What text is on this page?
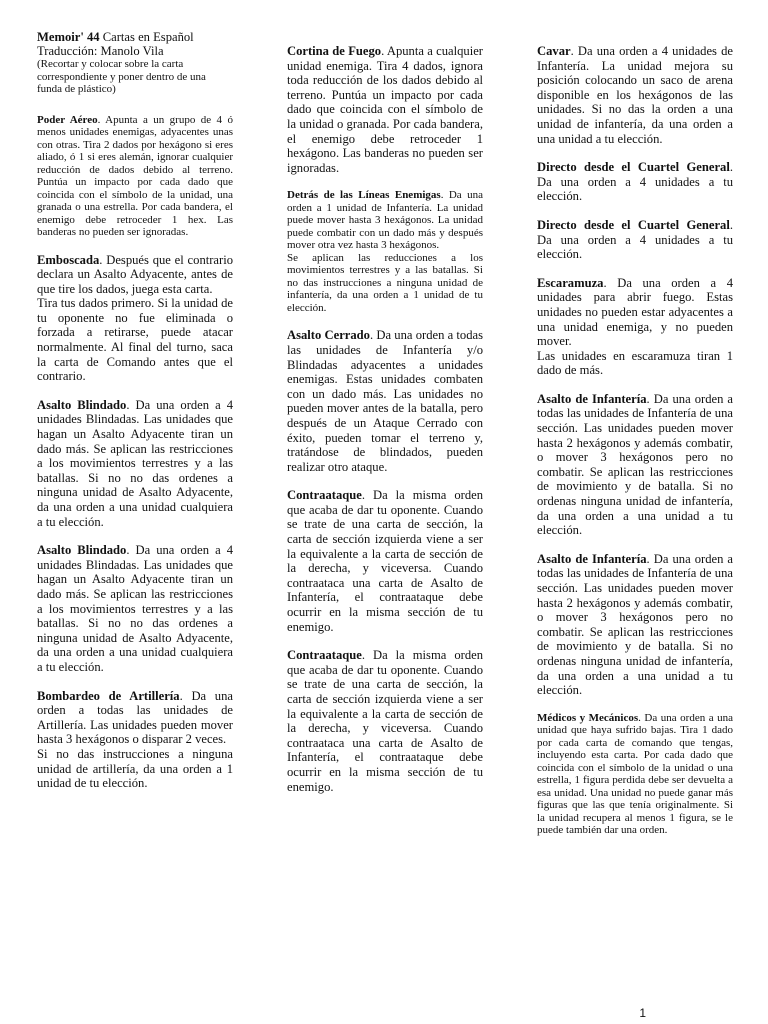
Memoir' 44 Cartas en Español
Traducción: Manolo Vila
(Recortar y colocar sobre la carta correspondiente y poner dentro de una funda de plástico)

Poder Aéreo. Apunta a un grupo de 4 ó menos unidades enemigas, adyacentes unas con otras. Tira 2 dados por hexágono si eres aliado, ó 1 si eres alemán, ignorar cualquier reducción de dados debido al terreno. Puntúa un impacto por cada dado que coincida con el símbolo de la unidad, una granada o una estrella. Por cada bandera, el enemigo debe retroceder 1 hex. Las banderas no pueden ser ignoradas.

Emboscada. Después que el contrario declara un Asalto Adyacente, antes de que tire los dados, juega esta carta.

Tira tus dados primero. Si la unidad de tu oponente no fue eliminada o forzada a retirarse, puede atacar normalmente. Al final del turno, saca la carta de Comando antes que el contrario.

Asalto Blindado. Da una orden a 4 unidades Blindadas. Las unidades que hagan un Asalto Adyacente tiran un dado más. Se aplican las restricciones a los movimientos terrestres y a las batallas. Si no no das ordenes a ninguna unidad de Asalto Adyacente, da una orden a una unidad cualquiera a tu elección.

Asalto Blindado. Da una orden a 4 unidades Blindadas. Las unidades que hagan un Asalto Adyacente tiran un dado más. Se aplican las restricciones a los movimientos terrestres y a las batallas. Si no no das ordenes a ninguna unidad de Asalto Adyacente, da una orden a una unidad cualquiera a tu elección.

Bombardeo de Artillería. Da una orden a todas las unidades de Artillería. Las unidades pueden mover hasta 3 hexágonos o disparar 2 veces.

Si no das instrucciones a ninguna unidad de artillería, da una orden a 1 unidad de tu elección.

Cortina de Fuego. Apunta a cualquier unidad enemiga. Tira 4 dados, ignora toda reducción de los dados debido al terreno. Puntúa un impacto por cada dado que coincida con el símbolo de la unidad o granada. Por cada bandera, el enemigo debe retroceder 1 hexágono. Las banderas no pueden ser ignoradas.

Detrás de las Líneas Enemigas. Da una orden a 1 unidad de Infantería. La unidad puede mover hasta 3 hexágonos. La unidad puede combatir con un dado más y después mover otra vez hasta 3 hexágonos.

Se aplican las reducciones a los movimientos terrestres y a las batallas. Si no das instrucciones a ninguna unidad de infantería, da una orden a 1 unidad de tu elección.

Asalto Cerrado. Da una orden a todas las unidades de Infantería y/o Blindadas adyacentes a unidades enemigas. Estas unidades combaten con un dado más. Las unidades no pueden mover antes de la batalla, pero después de un Ataque Cerrado con éxito, pueden tomar el terreno y, tratándose de blindados, pueden realizar otro ataque.

Contraataque. Da la misma orden que acaba de dar tu oponente. Cuando se trate de una carta de sección, la carta de sección izquierda viene a ser la equivalente a la carta de sección de la derecha, y viceversa. Cuando contraataca una carta de Asalto de Infantería, el contraataque debe ocurrir en la misma sección de tu enemigo.

Contraataque. Da la misma orden que acaba de dar tu oponente. Cuando se trate de una carta de sección, la carta de sección izquierda viene a ser la equivalente a la carta de sección de la derecha, y viceversa. Cuando contraataca una carta de Asalto de Infantería, el contraataque debe ocurrir en la misma sección de tu enemigo.

Cavar. Da una orden a 4 unidades de Infantería. La unidad mejora su posición colocando un saco de arena disponible en los hexágonos de las unidades. Si no das la orden a una unidad de infantería, da una orden a una unidad a tu elección.

Directo desde el Cuartel General. Da una orden a 4 unidades a tu elección.

Directo desde el Cuartel General. Da una orden a 4 unidades a tu elección.

Escaramuza. Da una orden a 4 unidades para abrir fuego. Estas unidades no pueden estar adyacentes a una unidad enemiga, y no pueden mover.

Las unidades en escaramuza tiran 1 dado de más.

Asalto de Infantería. Da una orden a todas las unidades de Infantería de una sección. Las unidades pueden mover hasta 2 hexágonos y además combatir, o mover 3 hexágonos pero no combatir. Se aplican las restricciones de movimiento y de batalla. Si no ordenas ninguna unidad de infantería, da una orden a una unidad a tu elección.

Asalto de Infantería. Da una orden a todas las unidades de Infantería de una sección. Las unidades pueden mover hasta 2 hexágonos y además combatir, o mover 3 hexágonos pero no combatir. Se aplican las restricciones de movimiento y de batalla. Si no ordenas ninguna unidad de infantería, da una orden a una unidad a tu elección.

Médicos y Mecánicos. Da una orden a una unidad que haya sufrido bajas. Tira 1 dado por cada carta de comando que tengas, incluyendo esta carta. Por cada dado que coincida con el símbolo de la unidad o una estrella, 1 figura perdida debe ser devuelta a esa unidad. Una unidad no puede ganar más figuras que las que tenía originalmente. Si la unidad recupera al menos 1 figura, se le puede también dar una orden.

1
